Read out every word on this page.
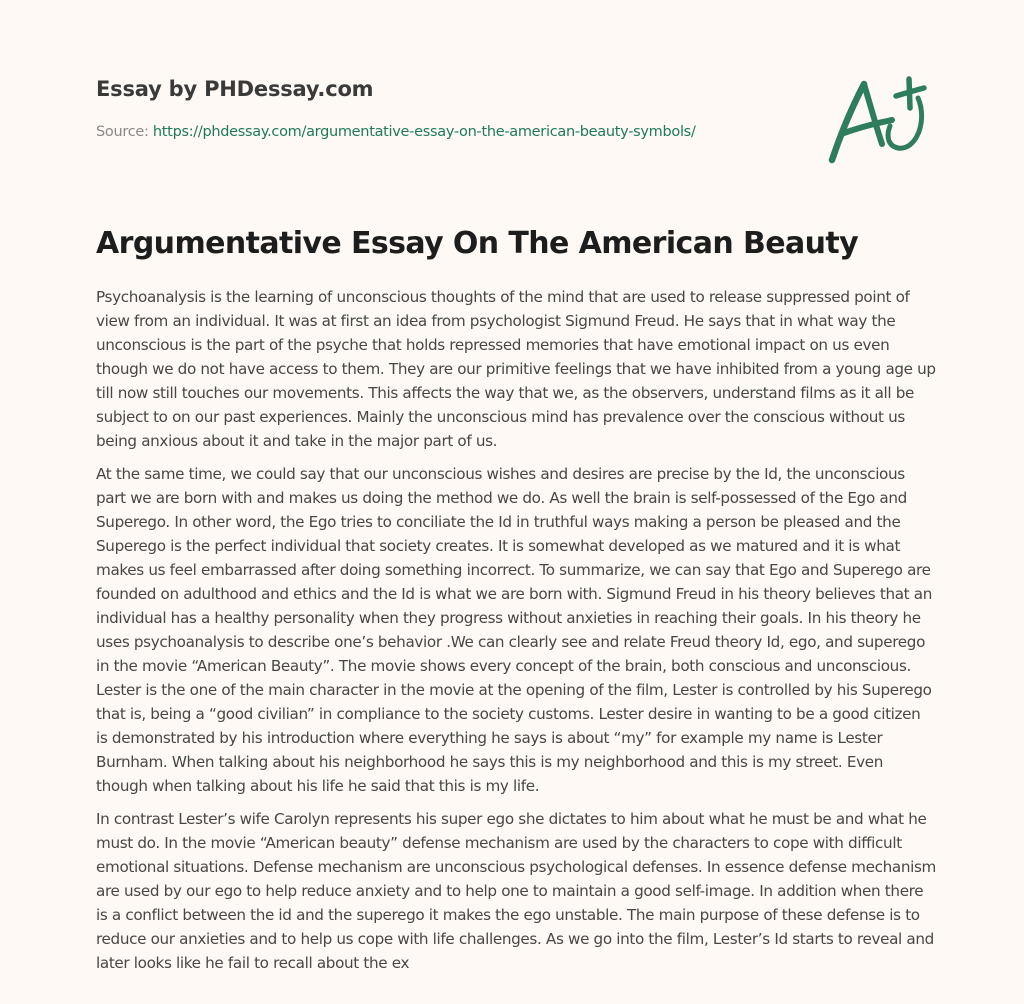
Essay by PHDessay.com
Source: https://phdessay.com/argumentative-essay-on-the-american-beauty-symbols/
Argumentative Essay On The American Beauty

Psychoanalysis is the learning of unconscious thoughts of the mind that are used to release suppressed point of view from an individual. It was at first an idea from psychologist Sigmund Freud. He says that in what way the unconscious is the part of the psyche that holds repressed memories that have emotional impact on us even though we do not have access to them. They are our primitive feelings that we have inhibited from a young age up till now still touches our movements. This affects the way that we, as the observers, understand films as it all be subject to on our past experiences. Mainly the unconscious mind has prevalence over the conscious without us being anxious about it and take in the major part of us.

At the same time, we could say that our unconscious wishes and desires are precise by the Id, the unconscious part we are born with and makes us doing the method we do. As well the brain is self-possessed of the Ego and Superego. In other word, the Ego tries to conciliate the Id in truthful ways making a person be pleased and the Superego is the perfect individual that society creates. It is somewhat developed as we matured and it is what makes us feel embarrassed after doing something incorrect. To summarize, we can say that Ego and Superego are founded on adulthood and ethics and the Id is what we are born with. Sigmund Freud in his theory believes that an individual has a healthy personality when they progress without anxieties in reaching their goals. In his theory he uses psychoanalysis to describe one’s behavior .We can clearly see and relate Freud theory Id, ego, and superego in the movie “American Beauty”. The movie shows every concept of the brain, both conscious and unconscious. Lester is the one of the main character in the movie at the opening of the film, Lester is controlled by his Superego that is, being a “good civilian” in compliance to the society customs. Lester desire in wanting to be a good citizen is demonstrated by his introduction where everything he says is about “my” for example my name is Lester Burnham. When talking about his neighborhood he says this is my neighborhood and this is my street. Even though when talking about his life he said that this is my life.

In contrast Lester’s wife Carolyn represents his super ego she dictates to him about what he must be and what he must do. In the movie “American beauty” defense mechanism are used by the characters to cope with difficult emotional situations. Defense mechanism are unconscious psychological defenses. In essence defense mechanism are used by our ego to help reduce anxiety and to help one to maintain a good self-image. In addition when there is a conflict between the id and the superego it makes the ego unstable. The main purpose of these defense is to reduce our anxieties and to help us cope with life challenges. As we go into the film, Lester’s Id starts to reveal and later looks like he fail to recall about the ex
